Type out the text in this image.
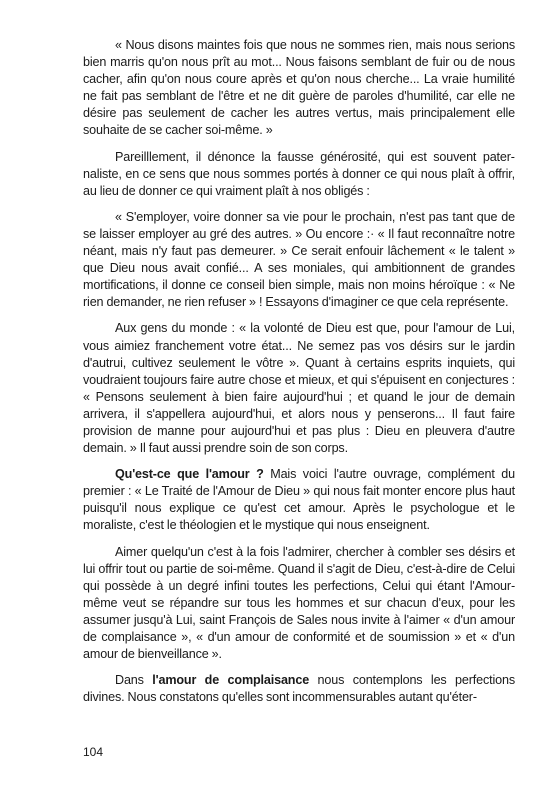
« Nous disons maintes fois que nous ne sommes rien, mais nous serions bien marris qu'on nous prît au mot... Nous faisons semblant de fuir ou de nous cacher, afin qu'on nous coure après et qu'on nous cherche... La vraie humilité ne fait pas semblant de l'être et ne dit guère de paroles d'humilité, car elle ne désire pas seulement de cacher les autres vertus, mais principalement elle souhaite de se cacher soi-même. »

Pareilllement, il dénonce la fausse générosité, qui est souvent paternaliste, en ce sens que nous sommes portés à donner ce qui nous plaît à offrir, au lieu de donner ce qui vraiment plaît à nos obligés :

« S'employer, voire donner sa vie pour le prochain, n'est pas tant que de se laisser employer au gré des autres. » Ou encore :· « Il faut reconnaître notre néant, mais n'y faut pas demeurer. » Ce serait enfouir lâchement « le talent » que Dieu nous avait confié... A ses moniales, qui ambitionnent de grandes mortifications, il donne ce conseil bien simple, mais non moins héroïque : « Ne rien demander, ne rien refuser » ! Essayons d'imaginer ce que cela représente.

Aux gens du monde : « la volonté de Dieu est que, pour l'amour de Lui, vous aimiez franchement votre état... Ne semez pas vos désirs sur le jardin d'autrui, cultivez seulement le vôtre ». Quant à certains esprits inquiets, qui voudraient toujours faire autre chose et mieux, et qui s'épuisent en conjectures : « Pensons seulement à bien faire aujourd'hui ; et quand le jour de demain arrivera, il s'appellera aujourd'hui, et alors nous y penserons... Il faut faire provision de manne pour aujourd'hui et pas plus : Dieu en pleuvera d'autre demain. » Il faut aussi prendre soin de son corps.

Qu'est-ce que l'amour ? Mais voici l'autre ouvrage, complément du premier : « Le Traité de l'Amour de Dieu » qui nous fait monter encore plus haut puisqu'il nous explique ce qu'est cet amour. Après le psychologue et le moraliste, c'est le théologien et le mystique qui nous enseignent.

Aimer quelqu'un c'est à la fois l'admirer, chercher à combler ses désirs et lui offrir tout ou partie de soi-même. Quand il s'agit de Dieu, c'est-à-dire de Celui qui possède à un degré infini toutes les perfections, Celui qui étant l'Amour-même veut se répandre sur tous les hommes et sur chacun d'eux, pour les assumer jusqu'à Lui, saint François de Sales nous invite à l'aimer « d'un amour de complaisance », « d'un amour de conformité et de soumission » et « d'un amour de bienveillance ».

Dans l'amour de complaisance nous contemplons les perfections divines. Nous constatons qu'elles sont incommensurables autant qu'éter-

104
